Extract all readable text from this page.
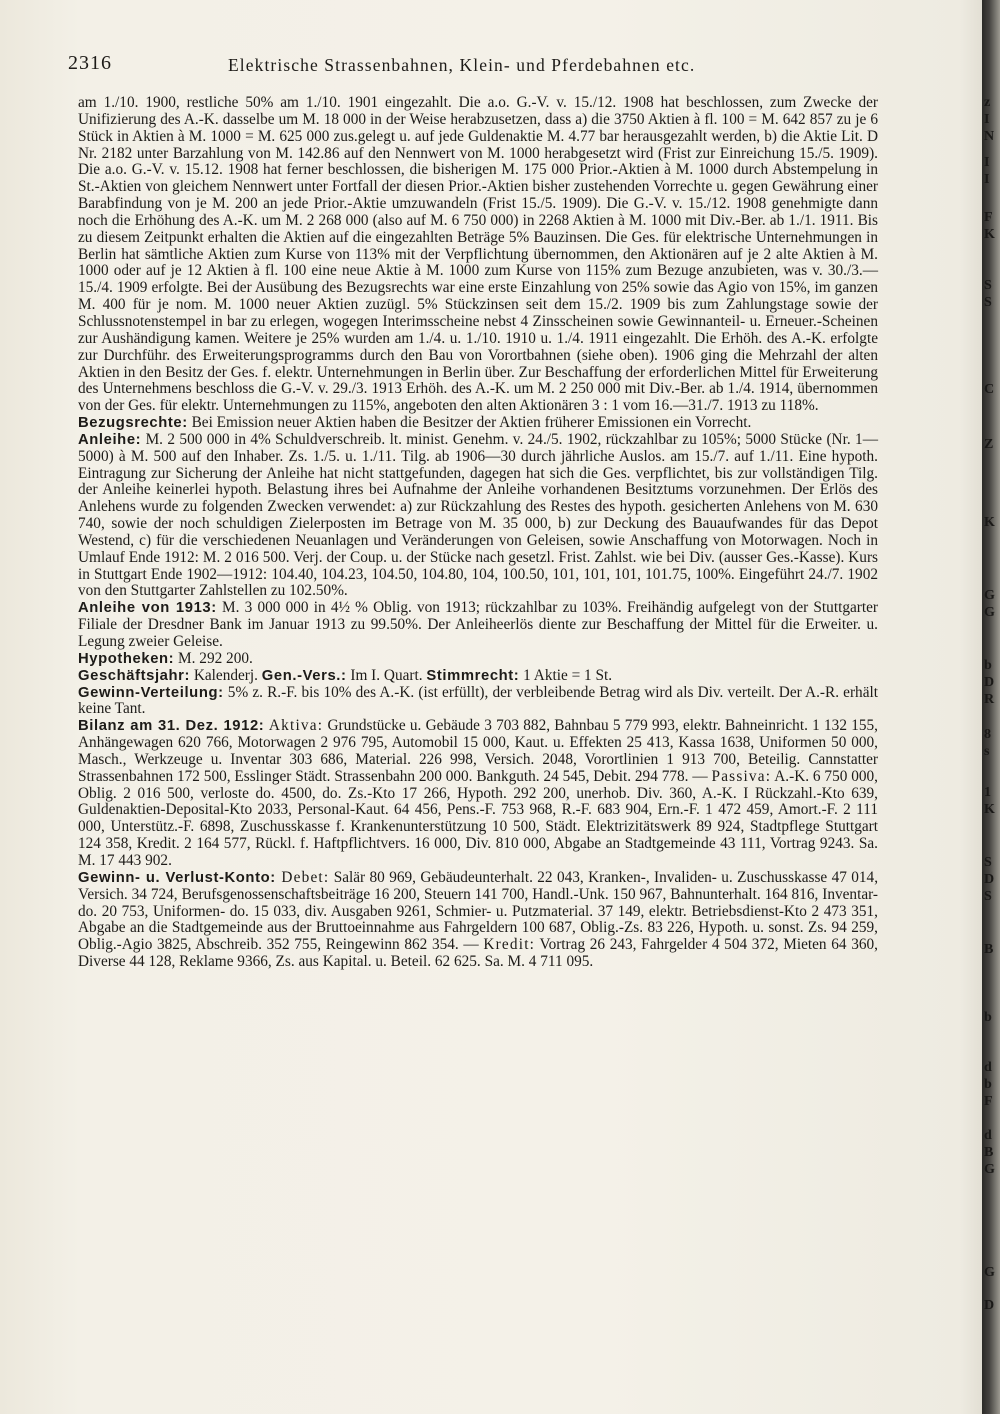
z
I
N
I
I
F
K
S
S
C
Z
K
G
G
b
D
R
8
s
1
K
S
D
S
B
b
d
b
F
d
B
G
G
D
2316	Elektrische Strassenbahnen, Klein- und Pferdebahnen etc.

am 1./10. 1900, restliche 50% am 1./10. 1901 eingezahlt. Die a.o. G.-V. v. 15./12. 1908 hat beschlossen, zum Zwecke der Unifizierung des A.-K. dasselbe um M. 18 000 in der Weise herabzusetzen, dass a) die 3750 Aktien à fl. 100 = M. 642 857 zu je 6 Stück in Aktien à M. 1000 = M. 625 000 zus.gelegt u. auf jede Guldenaktie M. 4.77 bar herausgezahlt werden, b) die Aktie Lit. D Nr. 2182 unter Barzahlung von M. 142.86 auf den Nennwert von M. 1000 herabgesetzt wird (Frist zur Einreichung 15./5. 1909). Die a.o. G.-V. v. 15.12. 1908 hat ferner beschlossen, die bisherigen M. 175 000 Prior.-Aktien à M. 1000 durch Abstempelung in St.-Aktien von gleichem Nennwert unter Fortfall der diesen Prior.-Aktien bisher zustehenden Vorrechte u. gegen Gewährung einer Barabfindung von je M. 200 an jede Prior.-Aktie umzuwandeln (Frist 15./5. 1909). Die G.-V. v. 15./12. 1908 genehmigte dann noch die Erhöhung des A.-K. um M. 2 268 000 (also auf M. 6 750 000) in 2268 Aktien à M. 1000 mit Div.-Ber. ab 1./1. 1911. Bis zu diesem Zeitpunkt erhalten die Aktien auf die eingezahlten Beträge 5% Bauzinsen. Die Ges. für elektrische Unternehmungen in Berlin hat sämtliche Aktien zum Kurse von 113% mit der Verpflichtung übernommen, den Aktionären auf je 2 alte Aktien à M. 1000 oder auf je 12 Aktien à fl. 100 eine neue Aktie à M. 1000 zum Kurse von 115% zum Bezuge anzubieten, was v. 30./3.—15./4. 1909 erfolgte. Bei der Ausübung des Bezugsrechts war eine erste Einzahlung von 25% sowie das Agio von 15%, im ganzen M. 400 für je nom. M. 1000 neuer Aktien zuzügl. 5% Stückzinsen seit dem 15./2. 1909 bis zum Zahlungstage sowie der Schlussnotenstempel in bar zu erlegen, wogegen Interimsscheine nebst 4 Zinsscheinen sowie Gewinnanteil- u. Erneuer.-Scheinen zur Aushändigung kamen. Weitere je 25% wurden am 1./4. u. 1./10. 1910 u. 1./4. 1911 eingezahlt. Die Erhöh. des A.-K. erfolgte zur Durchführ. des Erweiterungsprogramms durch den Bau von Vorortbahnen (siehe oben). 1906 ging die Mehrzahl der alten Aktien in den Besitz der Ges. f. elektr. Unternehmungen in Berlin über. Zur Beschaffung der erforderlichen Mittel für Erweiterung des Unternehmens beschloss die G.-V. v. 29./3. 1913 Erhöh. des A.-K. um M. 2 250 000 mit Div.-Ber. ab 1./4. 1914, übernommen von der Ges. für elektr. Unternehmungen zu 115%, angeboten den alten Aktionären 3 : 1 vom 16.—31./7. 1913 zu 118%.

Bezugsrechte: Bei Emission neuer Aktien haben die Besitzer der Aktien früherer Emissionen ein Vorrecht.

Anleihe: M. 2 500 000 in 4% Schuldverschreib. lt. minist. Genehm. v. 24./5. 1902, rückzahlbar zu 105%; 5000 Stücke (Nr. 1—5000) à M. 500 auf den Inhaber. Zs. 1./5. u. 1./11. Tilg. ab 1906—30 durch jährliche Auslos. am 15./7. auf 1./11. Eine hypoth. Eintragung zur Sicherung der Anleihe hat nicht stattgefunden, dagegen hat sich die Ges. verpflichtet, bis zur vollständigen Tilg. der Anleihe keinerlei hypoth. Belastung ihres bei Aufnahme der Anleihe vorhandenen Besitztums vorzunehmen. Der Erlös des Anlehens wurde zu folgenden Zwecken verwendet: a) zur Rückzahlung des Restes des hypoth. gesicherten Anlehens von M. 630 740, sowie der noch schuldigen Zielerposten im Betrage von M. 35 000, b) zur Deckung des Bauaufwandes für das Depot Westend, c) für die verschiedenen Neuanlagen und Veränderungen von Geleisen, sowie Anschaffung von Motorwagen. Noch in Umlauf Ende 1912: M. 2 016 500. Verj. der Coup. u. der Stücke nach gesetzl. Frist. Zahlst. wie bei Div. (ausser Ges.-Kasse). Kurs in Stuttgart Ende 1902—1912: 104.40, 104.23, 104.50, 104.80, 104, 100.50, 101, 101, 101, 101.75, 100%. Eingeführt 24./7. 1902 von den Stuttgarter Zahlstellen zu 102.50%.

Anleihe von 1913: M. 3 000 000 in 4½ % Oblig. von 1913; rückzahlbar zu 103%. Freihändig aufgelegt von der Stuttgarter Filiale der Dresdner Bank im Januar 1913 zu 99.50%. Der Anleiheerlös diente zur Beschaffung der Mittel für die Erweiter. u. Legung zweier Geleise.

Hypotheken: M. 292 200.

Geschäftsjahr: Kalenderj. Gen.-Vers.: Im I. Quart. Stimmrecht: 1 Aktie = 1 St.

Gewinn-Verteilung: 5% z. R.-F. bis 10% des A.-K. (ist erfüllt), der verbleibende Betrag wird als Div. verteilt. Der A.-R. erhält keine Tant.

Bilanz am 31. Dez. 1912: Aktiva: Grundstücke u. Gebäude 3 703 882, Bahnbau 5 779 993, elektr. Bahneinricht. 1 132 155, Anhängewagen 620 766, Motorwagen 2 976 795, Automobil 15 000, Kaut. u. Effekten 25 413, Kassa 1638, Uniformen 50 000, Masch., Werkzeuge u. Inventar 303 686, Material. 226 998, Versich. 2048, Vorortlinien 1 913 700, Beteilig. Cannstatter Strassenbahnen 172 500, Esslinger Städt. Strassenbahn 200 000. Bankguth. 24 545, Debit. 294 778. — Passiva: A.-K. 6 750 000, Oblig. 2 016 500, verloste do. 4500, do. Zs.-Kto 17 266, Hypoth. 292 200, unerhob. Div. 360, A.-K. I Rückzahl.-Kto 639, Guldenaktien-Deposital-Kto 2033, Personal-Kaut. 64 456, Pens.-F. 753 968, R.-F. 683 904, Ern.-F. 1 472 459, Amort.-F. 2 111 000, Unterstütz.-F. 6898, Zuschusskasse f. Krankenunterstützung 10 500, Städt. Elektrizitätswerk 89 924, Stadtpflege Stuttgart 124 358, Kredit. 2 164 577, Rückl. f. Haftpflichtvers. 16 000, Div. 810 000, Abgabe an Stadtgemeinde 43 111, Vortrag 9243. Sa. M. 17 443 902.

Gewinn- u. Verlust-Konto: Debet: Salär 80 969, Gebäudeunterhalt. 22 043, Kranken-, Invaliden- u. Zuschusskasse 47 014, Versich. 34 724, Berufsgenossenschaftsbeiträge 16 200, Steuern 141 700, Handl.-Unk. 150 967, Bahnunterhalt. 164 816, Inventar- do. 20 753, Uniformen- do. 15 033, div. Ausgaben 9261, Schmier- u. Putzmaterial. 37 149, elektr. Betriebsdienst-Kto 2 473 351, Abgabe an die Stadtgemeinde aus der Bruttoeinnahme aus Fahrgeldern 100 687, Oblig.-Zs. 83 226, Hypoth. u. sonst. Zs. 94 259, Oblig.-Agio 3825, Abschreib. 352 755, Reingewinn 862 354. — Kredit: Vortrag 26 243, Fahrgelder 4 504 372, Mieten 64 360, Diverse 44 128, Reklame 9366, Zs. aus Kapital. u. Beteil. 62 625. Sa. M. 4 711 095.
